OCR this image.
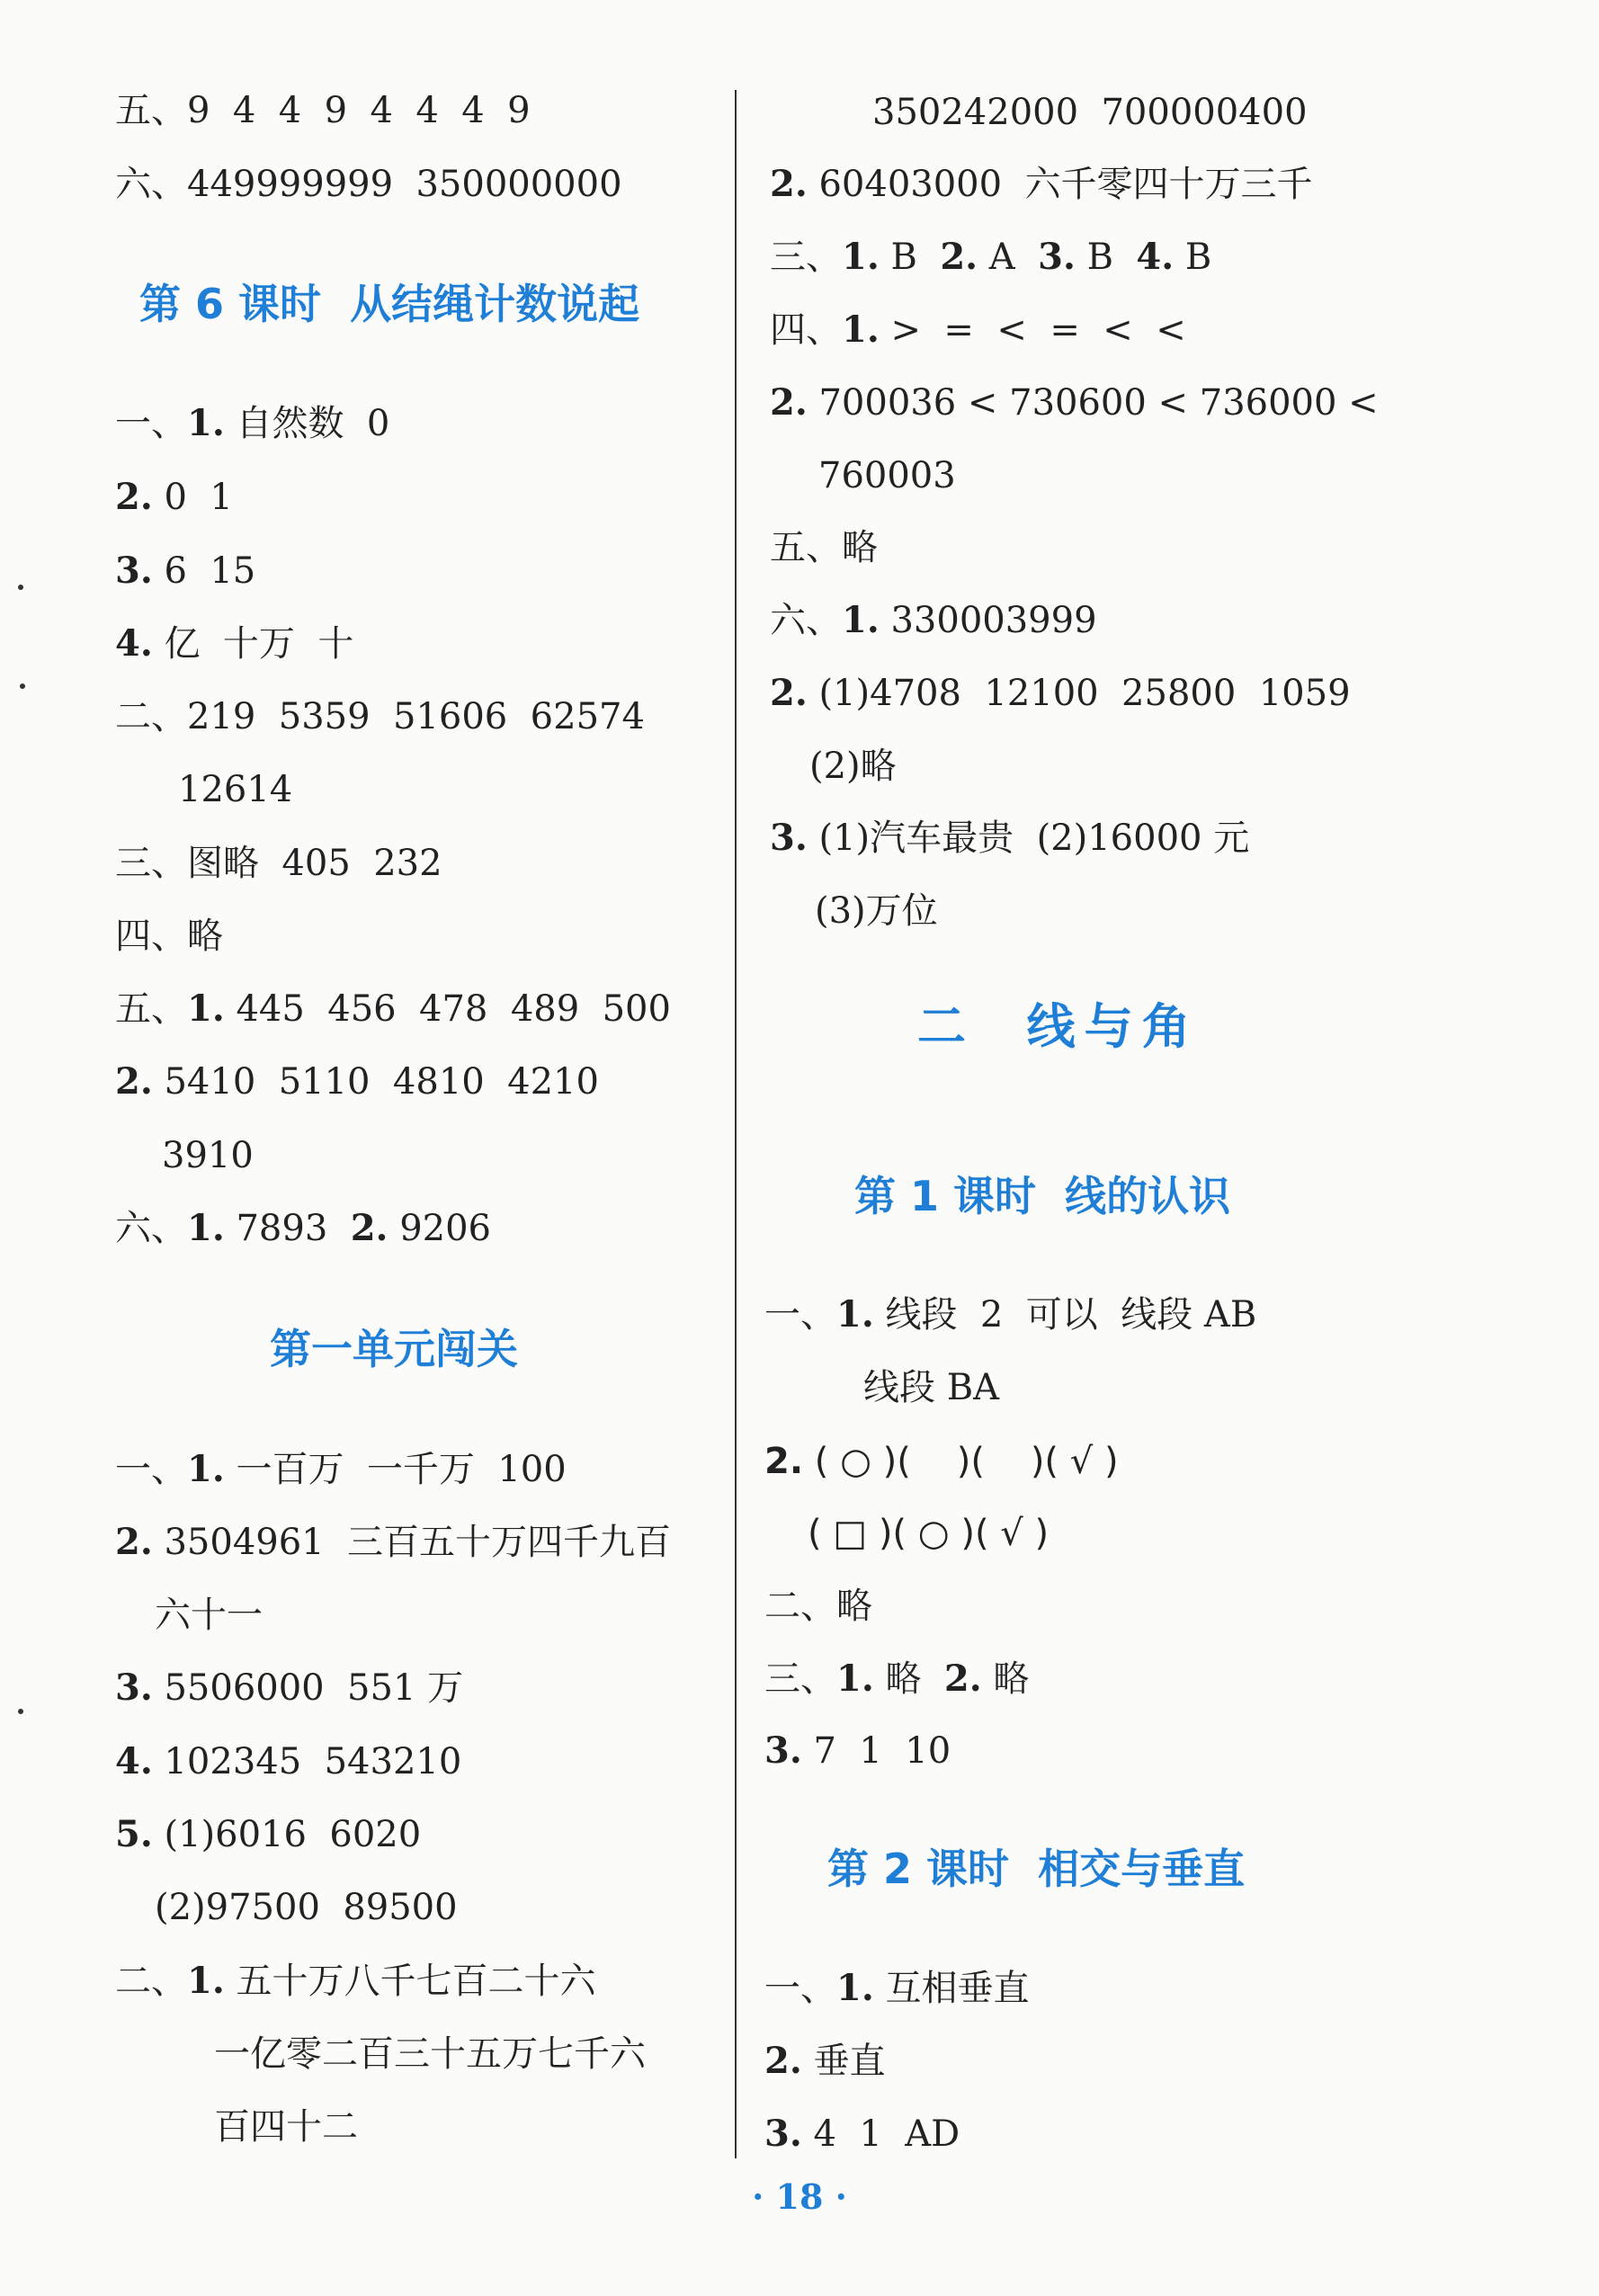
五、9  4  4  9  4  4  4  9
六、449999999  350000000
第 6 课时  从结绳计数说起
一、1. 自然数  0
2. 0  1
3. 6  15
4. 亿  十万  十
二、219  5359  51606  62574
12614
三、图略  405  232
四、略
五、1. 445  456  478  489  500
2. 5410  5110  4810  4210
3910
六、1. 7893  2. 9206
第一单元闯关
一、1. 一百万  一千万  100
2. 3504961  三百五十万四千九百
六十一
3. 5506000  551 万
4. 102345  543210
5. (1)6016  6020
(2)97500  89500
二、1. 五十万八千七百二十六
一亿零二百三十五万七千六
百四十二
350242000  700000400
2. 60403000  六千零四十万三千
三、1. B  2. A  3. B  4. B
四、1. >  =  <  =  <  <
2. 700036 < 730600 < 736000 <
760003
五、略
六、1. 330003999
2. (1)4708  12100  25800  1059
(2)略
3. (1)汽车最贵  (2)16000 元
(3)万位
二  线与角
第 1 课时  线的认识
一、1. 线段  2  可以  线段 AB
线段 BA
2. ( ○ )(    )(    )( √ )
( □ )( ○ )( √ )
二、略
三、1. 略  2. 略
3. 7  1  10
第 2 课时  相交与垂直
一、1. 互相垂直
2. 垂直
3. 4  1  AD
· 18 ·
